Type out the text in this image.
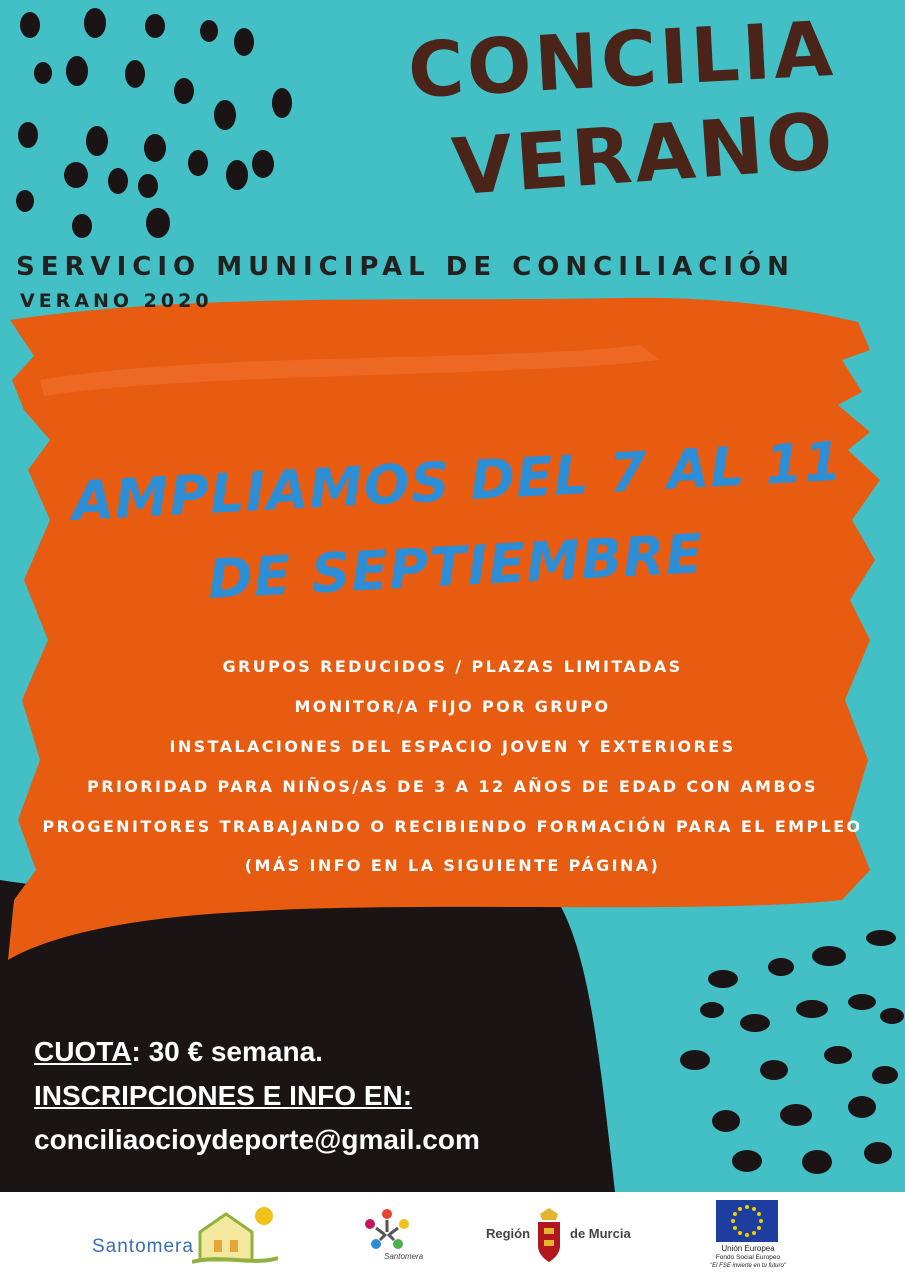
CONCILIA
VERANO
SERVICIO MUNICIPAL DE CONCILIACIÓN
VERANO 2020
AMPLIAMOS DEL 7 AL 11
DE SEPTIEMBRE
GRUPOS REDUCIDOS / PLAZAS LIMITADAS
MONITOR/A FIJO POR GRUPO
INSTALACIONES DEL ESPACIO JOVEN Y EXTERIORES
PRIORIDAD PARA NIÑOS/AS DE 3 A 12 AÑOS DE EDAD CON AMBOS
PROGENITORES TRABAJANDO O RECIBIENDO FORMACIÓN PARA EL EMPLEO
(MÁS INFO EN LA SIGUIENTE PÁGINA)
CUOTA: 30 € semana.
INSCRIPCIONES E INFO EN:
conciliaocioydeporte@gmail.com
Santomera	Santomera
Región	de Murcia
Unión Europea
Fondo Social Europeo
"El FSE invierte en tu futuro"
